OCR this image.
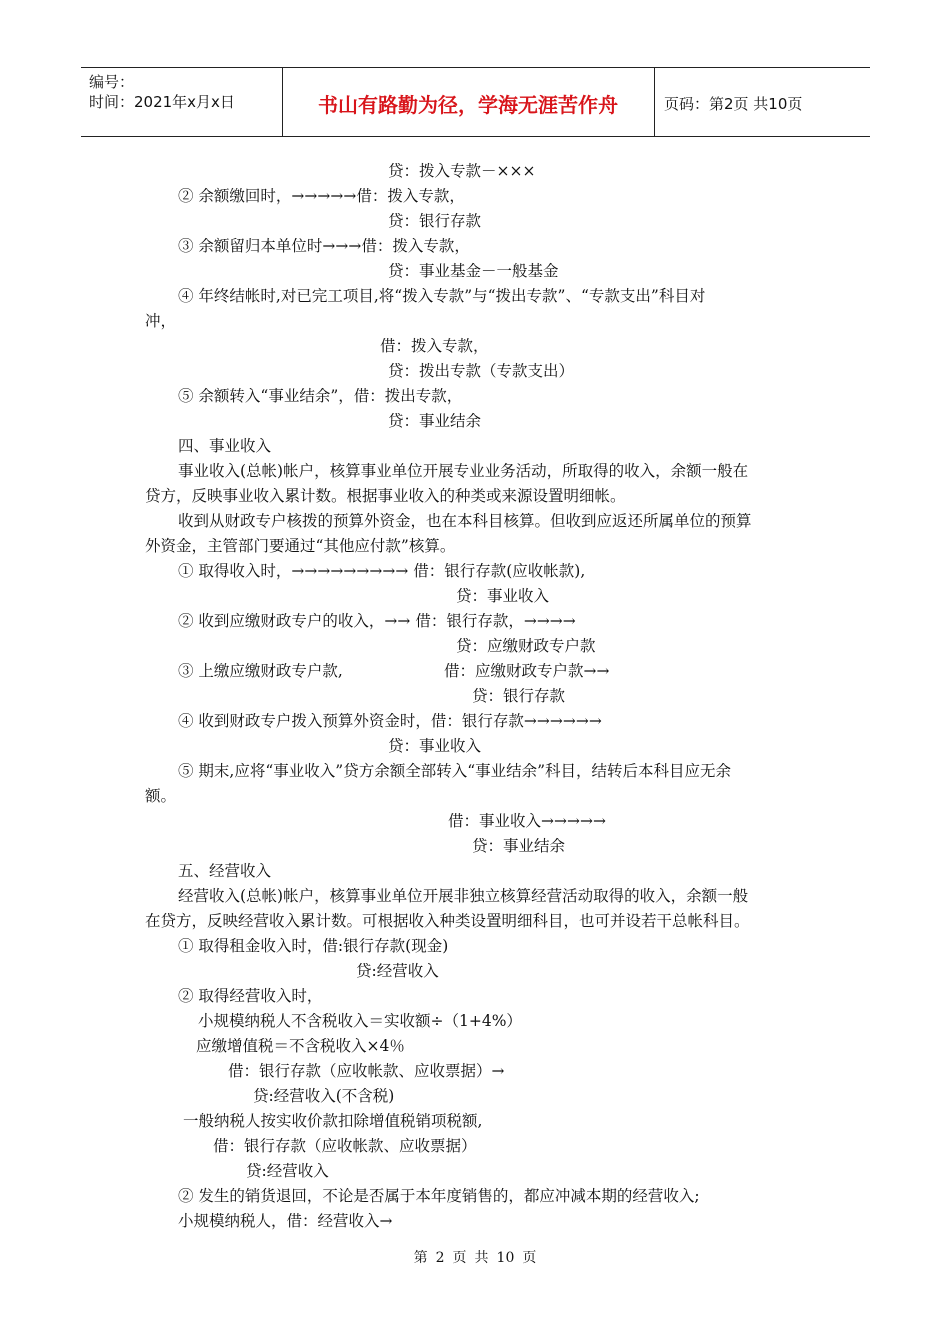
编号：
时间：2021年x月x日	书山有路勤为径，学海无涯苦作舟	页码：第2页 共10页
贷：拨入专款－×××
② 余额缴回时，→→→→→借：拨入专款，
贷：银行存款
③ 余额留归本单位时→→→借：拨入专款，
贷：事业基金－一般基金
④ 年终结帐时,对已完工项目,将“拨入专款”与“拨出专款”、“专款支出”科目对
冲，
借：拨入专款，
贷：拨出专款（专款支出）
⑤ 余额转入“事业结余”，借：拨出专款，
贷：事业结余
四、事业收入
事业收入(总帐)帐户，核算事业单位开展专业业务活动，所取得的收入，余额一般在
贷方，反映事业收入累计数。根据事业收入的种类或来源设置明细帐。
收到从财政专户核拨的预算外资金，也在本科目核算。但收到应返还所属单位的预算
外资金，主管部门要通过“其他应付款”核算。
① 取得收入时，→→→→→→→→→ 借：银行存款(应收帐款),
贷：事业收入
② 收到应缴财政专户的收入，→→ 借：银行存款，→→→→
贷：应缴财政专户款
③ 上缴应缴财政专户款,	借：应缴财政专户款→→
贷：银行存款
④ 收到财政专户拨入预算外资金时，借：银行存款→→→→→→
贷：事业收入
⑤ 期末,应将“事业收入”贷方余额全部转入“事业结余”科目，结转后本科目应无余
额。
借：事业收入→→→→→
贷：事业结余
五、经营收入
经营收入(总帐)帐户，核算事业单位开展非独立核算经营活动取得的收入，余额一般
在贷方，反映经营收入累计数。可根据收入种类设置明细科目，也可并设若干总帐科目。
① 取得租金收入时，借:银行存款(现金)
贷:经营收入
② 取得经营收入时，
小规模纳税人不含税收入＝实收额÷（1+4%）
应缴增值税＝不含税收入×4％
借：银行存款（应收帐款、应收票据）→
贷:经营收入(不含税)
一般纳税人按实收价款扣除增值税销项税额,
借：银行存款（应收帐款、应收票据）
贷:经营收入
② 发生的销货退回，不论是否属于本年度销售的，都应冲减本期的经营收入;
小规模纳税人，借：经营收入→
第 2 页 共 10 页
